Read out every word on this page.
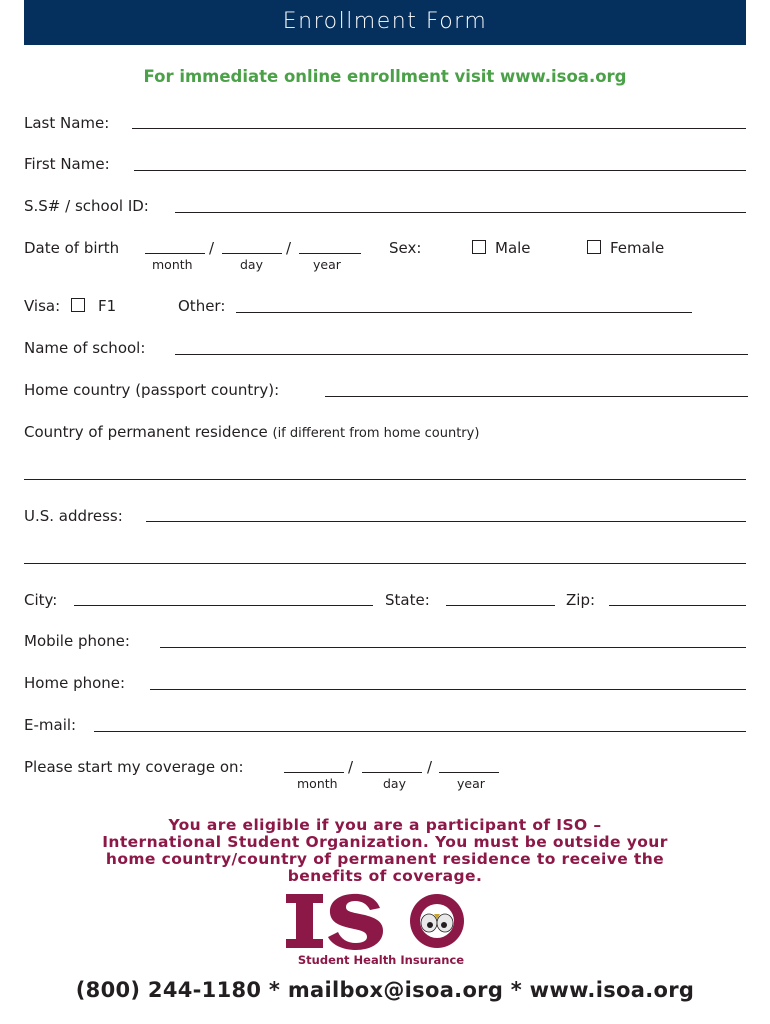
Enrollment Form
For immediate online enrollment visit www.isoa.org
Last Name:
First Name:
S.S# / school ID:
Date of birth	/	/
month	day	year
Sex:	Male	Female
Visa:	F1	Other:
Name of school:
Home country (passport country):
Country of permanent residence (if different from home country)
U.S. address:
City:	State:	Zip:
Mobile phone:
Home phone:
E-mail:
Please start my coverage on:	/	/
month	day	year
You are eligible if you are a participant of ISO –
International Student Organization. You must be outside your
home country/country of permanent residence to receive the
benefits of coverage.
Student Health Insurance
(800) 244-1180 * mailbox@isoa.org * www.isoa.org
